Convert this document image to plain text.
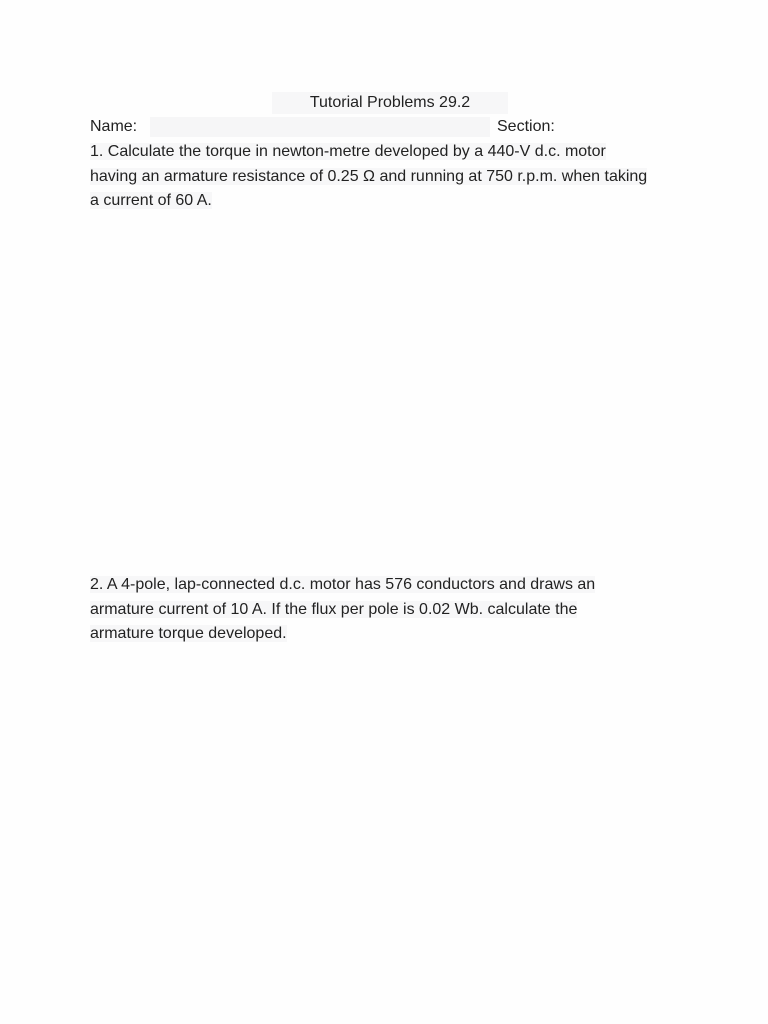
Tutorial Problems 29.2
Name:	Section:
1. Calculate the torque in newton-metre developed by a 440-V d.c. motor
having an armature resistance of 0.25 Ω and running at 750 r.p.m. when taking
a current of 60 A.
2. A 4-pole, lap-connected d.c. motor has 576 conductors and draws an
armature current of 10 A. If the flux per pole is 0.02 Wb. calculate the
armature torque developed.
